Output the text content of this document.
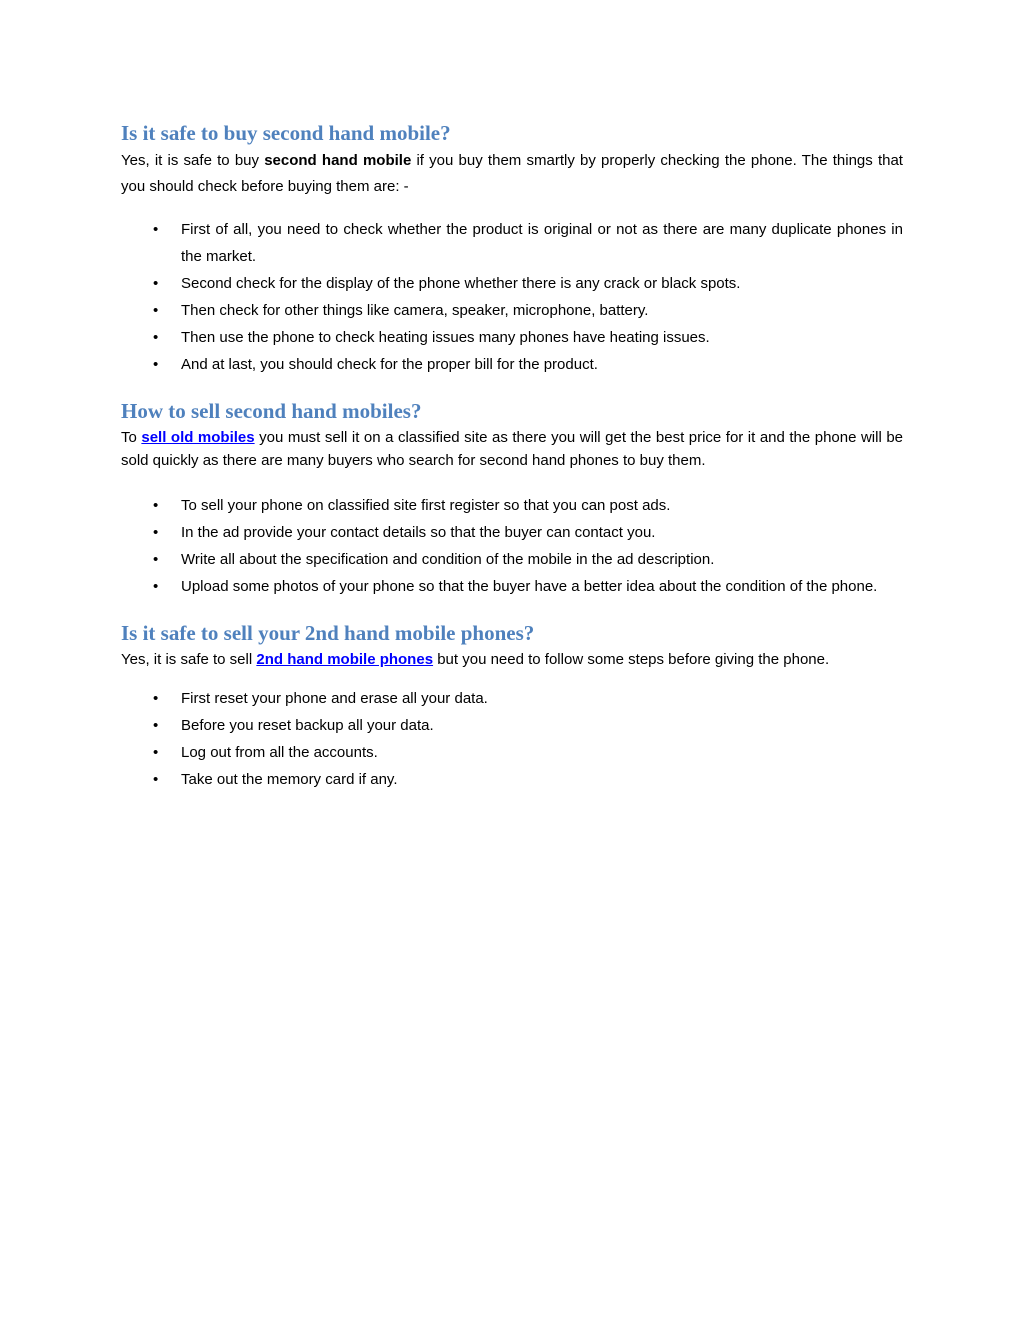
Is it safe to buy second hand mobile?

Yes, it is safe to buy second hand mobile if you buy them smartly by properly checking the phone. The things that you should check before buying them are: -

• First of all, you need to check whether the product is original or not as there are many duplicate phones in the market.
• Second check for the display of the phone whether there is any crack or black spots.
• Then check for other things like camera, speaker, microphone, battery.
• Then use the phone to check heating issues many phones have heating issues.
• And at last, you should check for the proper bill for the product.
How to sell second hand mobiles?

To sell old mobiles you must sell it on a classified site as there you will get the best price for it and the phone will be sold quickly as there are many buyers who search for second hand phones to buy them.

• To sell your phone on classified site first register so that you can post ads.
• In the ad provide your contact details so that the buyer can contact you.
• Write all about the specification and condition of the mobile in the ad description.
• Upload some photos of your phone so that the buyer have a better idea about the condition of the phone.
Is it safe to sell your 2nd hand mobile phones?

Yes, it is safe to sell 2nd hand mobile phones but you need to follow some steps before giving the phone.

• First reset your phone and erase all your data.
• Before you reset backup all your data.
• Log out from all the accounts.
• Take out the memory card if any.
